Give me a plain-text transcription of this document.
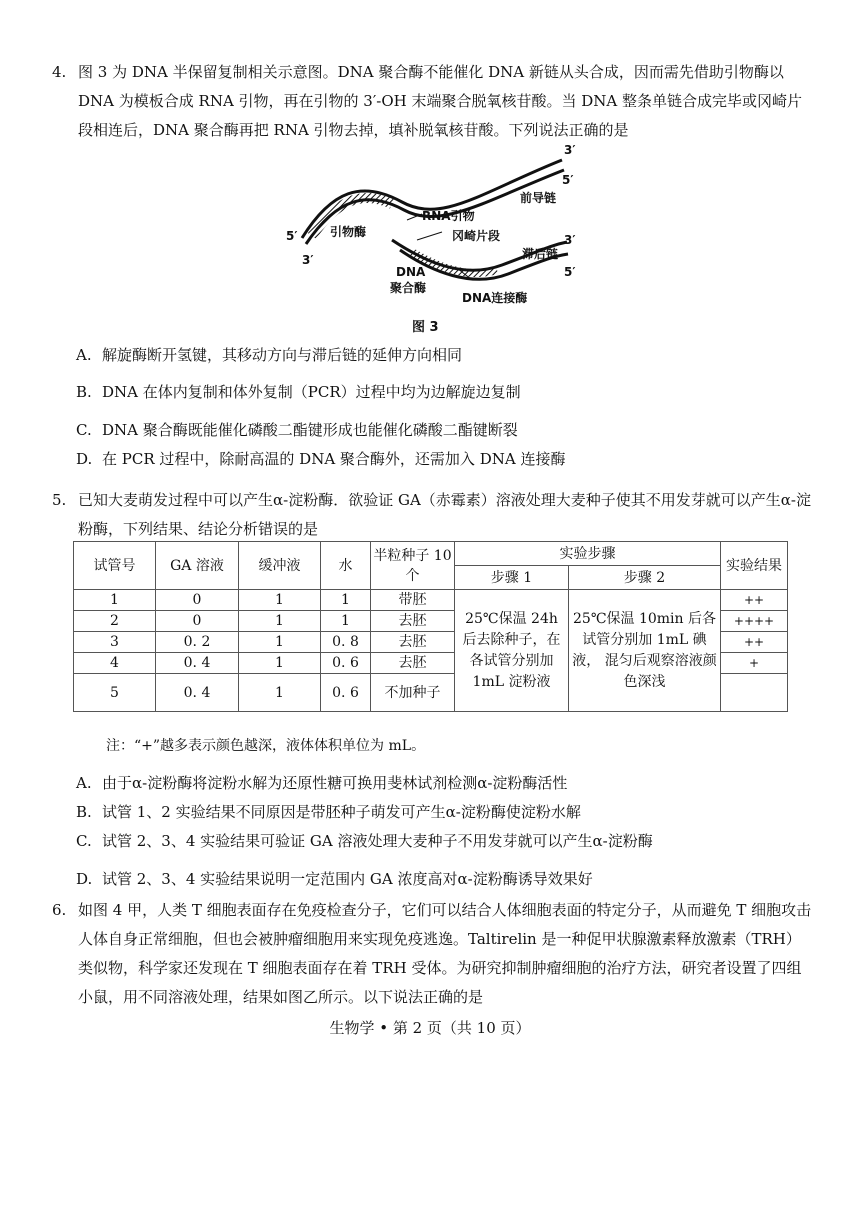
4. 图 3 为 DNA 半保留复制相关示意图。DNA 聚合酶不能催化 DNA 新链从头合成，因而需先借助引物酶以 DNA 为模板合成 RNA 引物，再在引物的 3′-OH 末端聚合脱氧核苷酸。当 DNA 整条单链合成完毕或冈崎片段相连后，DNA 聚合酶再把 RNA 引物去掉，填补脱氧核苷酸。下列说法正确的是
3′
5′
前导链
5′
3′
引物酶
RNA引物
冈崎片段
滞后链
3′
5′
DNA
聚合酶
DNA连接酶
图 3
A. 解旋酶断开氢键，其移动方向与滞后链的延伸方向相同
B. DNA 在体内复制和体外复制（PCR）过程中均为边解旋边复制
C. DNA 聚合酶既能催化磷酸二酯键形成也能催化磷酸二酯键断裂
D. 在 PCR 过程中，除耐高温的 DNA 聚合酶外，还需加入 DNA 连接酶
5. 已知大麦萌发过程中可以产生α-淀粉酶．欲验证 GA（赤霉素）溶液处理大麦种子使其不用发芽就可以产生α-淀粉酶，下列结果、结论分析错误的是
试管号	GA 溶液	缓冲液	水	半粒种子 10 个	实验步骤		实验结果
					步骤 1	步骤 2	
1	0	1	1	带胚	25℃保温 24h 后去除种子，在各试管分别加 1mL 淀粉液	25℃保温 10min 后各试管分别加 1mL 碘液， 混匀后观察溶液颜色深浅	++
2	0	1	1	去胚			++++
3	0. 2	1	0. 8	去胚			++
4	0. 4	1	0. 6	去胚			+
5	0. 4	1	0. 6	不加种子			
注：“+”越多表示颜色越深，液体体积单位为 mL。
A. 由于α-淀粉酶将淀粉水解为还原性糖可换用斐林试剂检测α-淀粉酶活性
B. 试管 1、2 实验结果不同原因是带胚种子萌发可产生α-淀粉酶使淀粉水解
C. 试管 2、3、4 实验结果可验证 GA 溶液处理大麦种子不用发芽就可以产生α-淀粉酶
D. 试管 2、3、4 实验结果说明一定范围内 GA 浓度高对α-淀粉酶诱导效果好
6. 如图 4 甲，人类 T 细胞表面存在免疫检查分子，它们可以结合人体细胞表面的特定分子，从而避免 T 细胞攻击人体自身正常细胞，但也会被肿瘤细胞用来实现免疫逃逸。Taltirelin 是一种促甲状腺激素释放激素（TRH）类似物，科学家还发现在 T 细胞表面存在着 TRH 受体。为研究抑制肿瘤细胞的治疗方法，研究者设置了四组小鼠，用不同溶液处理，结果如图乙所示。以下说法正确的是
生物学 • 第 2 页（共 10 页）
